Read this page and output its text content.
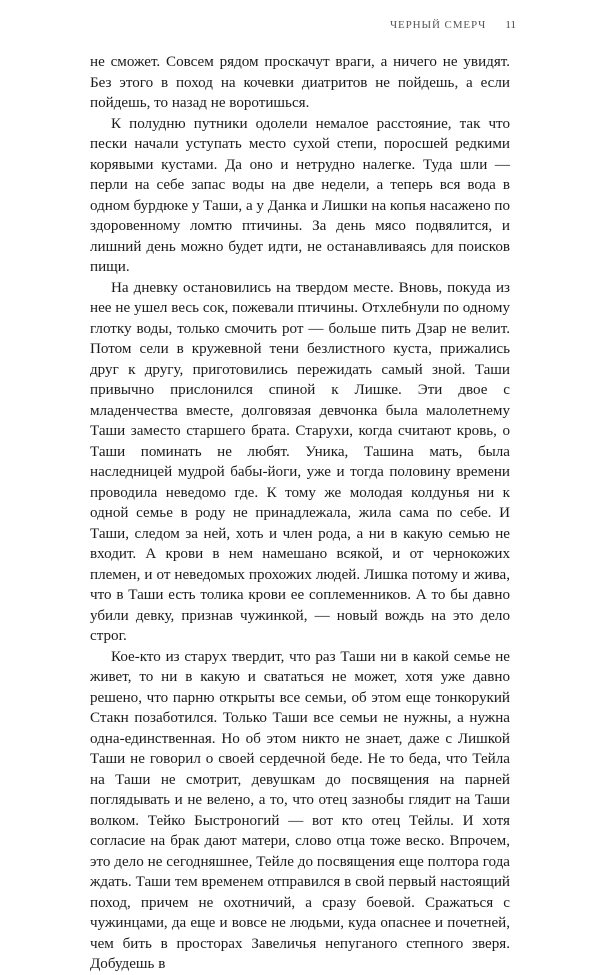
ЧЕРНЫЙ СМЕРЧ 11

не сможет. Совсем рядом проскачут враги, а ничего не увидят. Без этого в поход на кочевки диатритов не пойдешь, а если пойдешь, то назад не воротишься.

К полудню путники одолели немалое расстояние, так что пески начали уступать место сухой степи, поросшей редкими корявыми кустами. Да оно и нетрудно налегке. Туда шли — перли на себе запас воды на две недели, а теперь вся вода в одном бурдюке у Таши, а у Данка и Лишки на копья насажено по здоровенному ломтю птичины. За день мясо подвялится, и лишний день можно будет идти, не останавливаясь для поисков пищи.

На дневку остановились на твердом месте. Вновь, покуда из нее не ушел весь сок, пожевали птичины. Отхлебнули по одному глотку воды, только смочить рот — больше пить Дзар не велит. Потом сели в кружевной тени безлистного куста, прижались друг к другу, приготовились пережидать самый зной. Таши привычно прислонился спиной к Лишке. Эти двое с младенчества вместе, долговязая девчонка была малолетнему Таши заместо старшего брата. Старухи, когда считают кровь, о Таши поминать не любят. Уника, Ташина мать, была наследницей мудрой бабы-йоги, уже и тогда половину времени проводила неведомо где. К тому же молодая колдунья ни к одной семье в роду не принадлежала, жила сама по себе. И Таши, следом за ней, хоть и член рода, а ни в какую семью не входит. А крови в нем намешано всякой, и от чернокожих племен, и от неведомых прохожих людей. Лишка потому и жива, что в Таши есть толика крови ее соплеменников. А то бы давно убили девку, признав чужинкой, — новый вождь на это дело строг.

Кое-кто из старух твердит, что раз Таши ни в какой семье не живет, то ни в какую и свататься не может, хотя уже давно решено, что парню открыты все семьи, об этом еще тонкорукий Стакн позаботился. Только Таши все семьи не нужны, а нужна одна-единственная. Но об этом никто не знает, даже с Лишкой Таши не говорил о своей сердечной беде. Не то беда, что Тейла на Таши не смотрит, девушкам до посвящения на парней поглядывать и не велено, а то, что отец зазнобы глядит на Таши волком. Тейко Быстроногий — вот кто отец Тейлы. И хотя согласие на брак дают матери, слово отца тоже веско. Впрочем, это дело не сегодняшнее, Тейле до посвящения еще полтора года ждать. Таши тем временем отправился в свой первый настоящий поход, причем не охотничий, а сразу боевой. Сражаться с чужинцами, да еще и вовсе не людьми, куда опаснее и почетней, чем бить в просторах Завеличья непуганого степного зверя. Добудешь в
